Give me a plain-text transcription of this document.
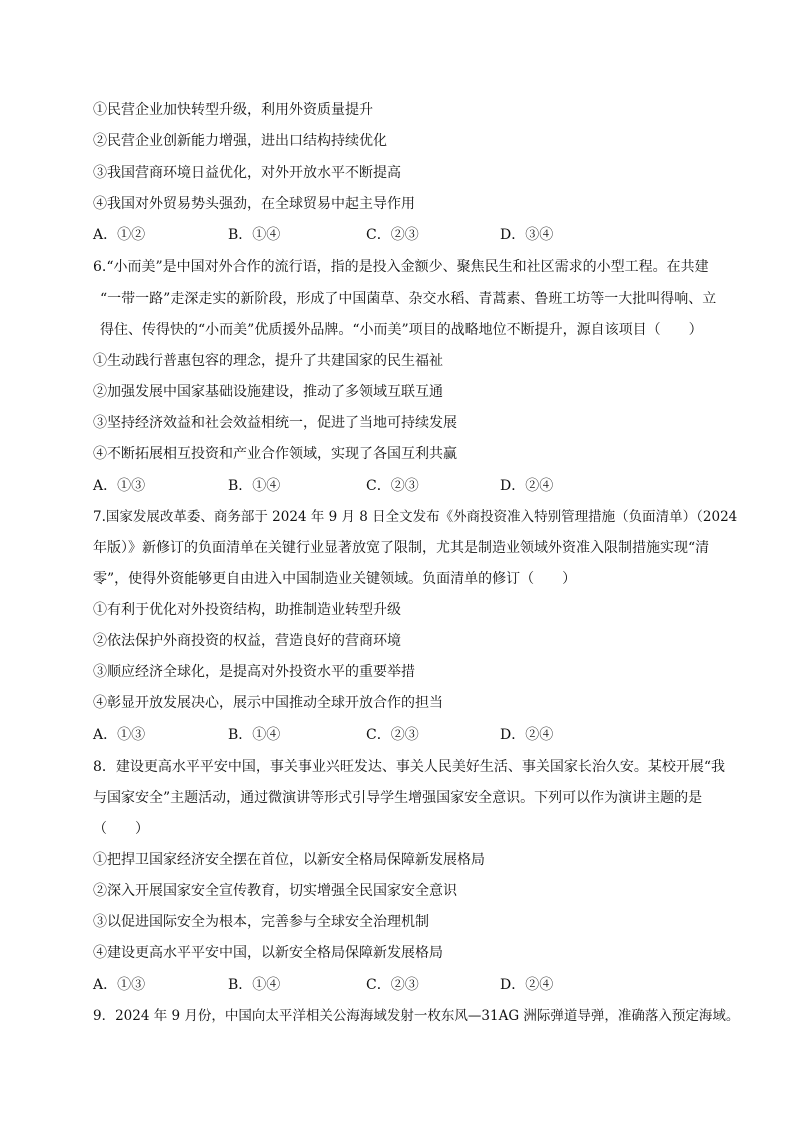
①民营企业加快转型升级，利用外资质量提升
②民营企业创新能力增强，进出口结构持续优化
③我国营商环境日益优化，对外开放水平不断提高
④我国对外贸易势头强劲，在全球贸易中起主导作用
A．①②	B．①④	C．②③	D．③④
6.“小而美”是中国对外合作的流行语，指的是投入金额少、聚焦民生和社区需求的小型工程。在共建
“一带一路”走深走实的新阶段，形成了中国菌草、杂交水稻、青蒿素、鲁班工坊等一大批叫得响、立
得住、传得快的“小而美”优质援外品牌。“小而美”项目的战略地位不断提升，源自该项目（　　）
①生动践行普惠包容的理念，提升了共建国家的民生福祉
②加强发展中国家基础设施建设，推动了多领域互联互通
③坚持经济效益和社会效益相统一，促进了当地可持续发展
④不断拓展相互投资和产业合作领域，实现了各国互利共赢
A．①③	B．①④	C．②③	D．②④
7.国家发展改革委、商务部于 2024 年 9 月 8 日全文发布《外商投资准入特别管理措施（负面清单）（2024
年版）》新修订的负面清单在关键行业显著放宽了限制，尤其是制造业领域外资准入限制措施实现“清
零”，使得外资能够更自由进入中国制造业关键领域。负面清单的修订（　　）
①有利于优化对外投资结构，助推制造业转型升级
②依法保护外商投资的权益，营造良好的营商环境
③顺应经济全球化，是提高对外投资水平的重要举措
④彰显开放发展决心，展示中国推动全球开放合作的担当
A．①③	B．①④	C．②③	D．②④
8．建设更高水平平安中国，事关事业兴旺发达、事关人民美好生活、事关国家长治久安。某校开展“我
与国家安全”主题活动，通过微演讲等形式引导学生增强国家安全意识。下列可以作为演讲主题的是
（　　）
①把捍卫国家经济安全摆在首位，以新安全格局保障新发展格局
②深入开展国家安全宣传教育，切实增强全民国家安全意识
③以促进国际安全为根本，完善参与全球安全治理机制
④建设更高水平平安中国，以新安全格局保障新发展格局
A．①③	B．①④	C．②③	D．②④
9．2024 年 9 月份，中国向太平洋相关公海海域发射一枚东风—31AG 洲际弹道导弹，准确落入预定海域。
